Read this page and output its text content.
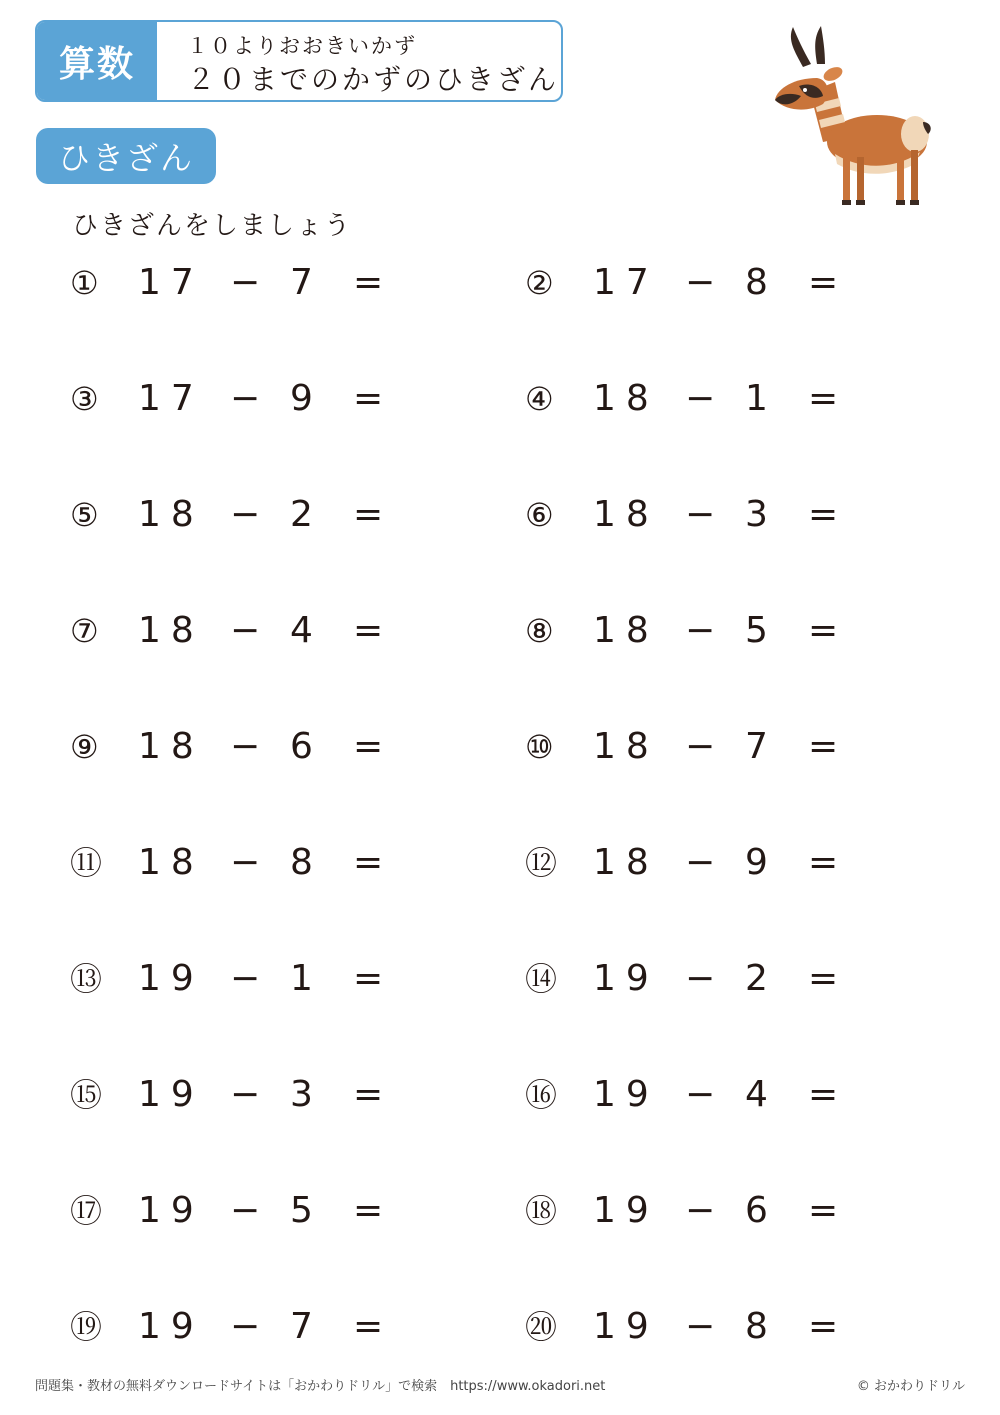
算数	１０よりおおきいかず
２０までのかずのひきざん
ひきざん
ひきざんをしましょう
① 17 − 7 =	② 17 − 8 =
③ 17 − 9 =	④ 18 − 1 =
⑤ 18 − 2 =	⑥ 18 − 3 =
⑦ 18 − 4 =	⑧ 18 − 5 =
⑨ 18 − 6 =	⑩ 18 − 7 =
⑪ 18 − 8 =	⑫ 18 − 9 =
⑬ 19 − 1 =	⑭ 19 − 2 =
⑮ 19 − 3 =	⑯ 19 − 4 =
⑰ 19 − 5 =	⑱ 19 − 6 =
⑲ 19 − 7 =	⑳ 19 − 8 =
問題集・教材の無料ダウンロードサイトは「おかわりドリル」で検索　https://www.okadori.net	© おかわりドリル
